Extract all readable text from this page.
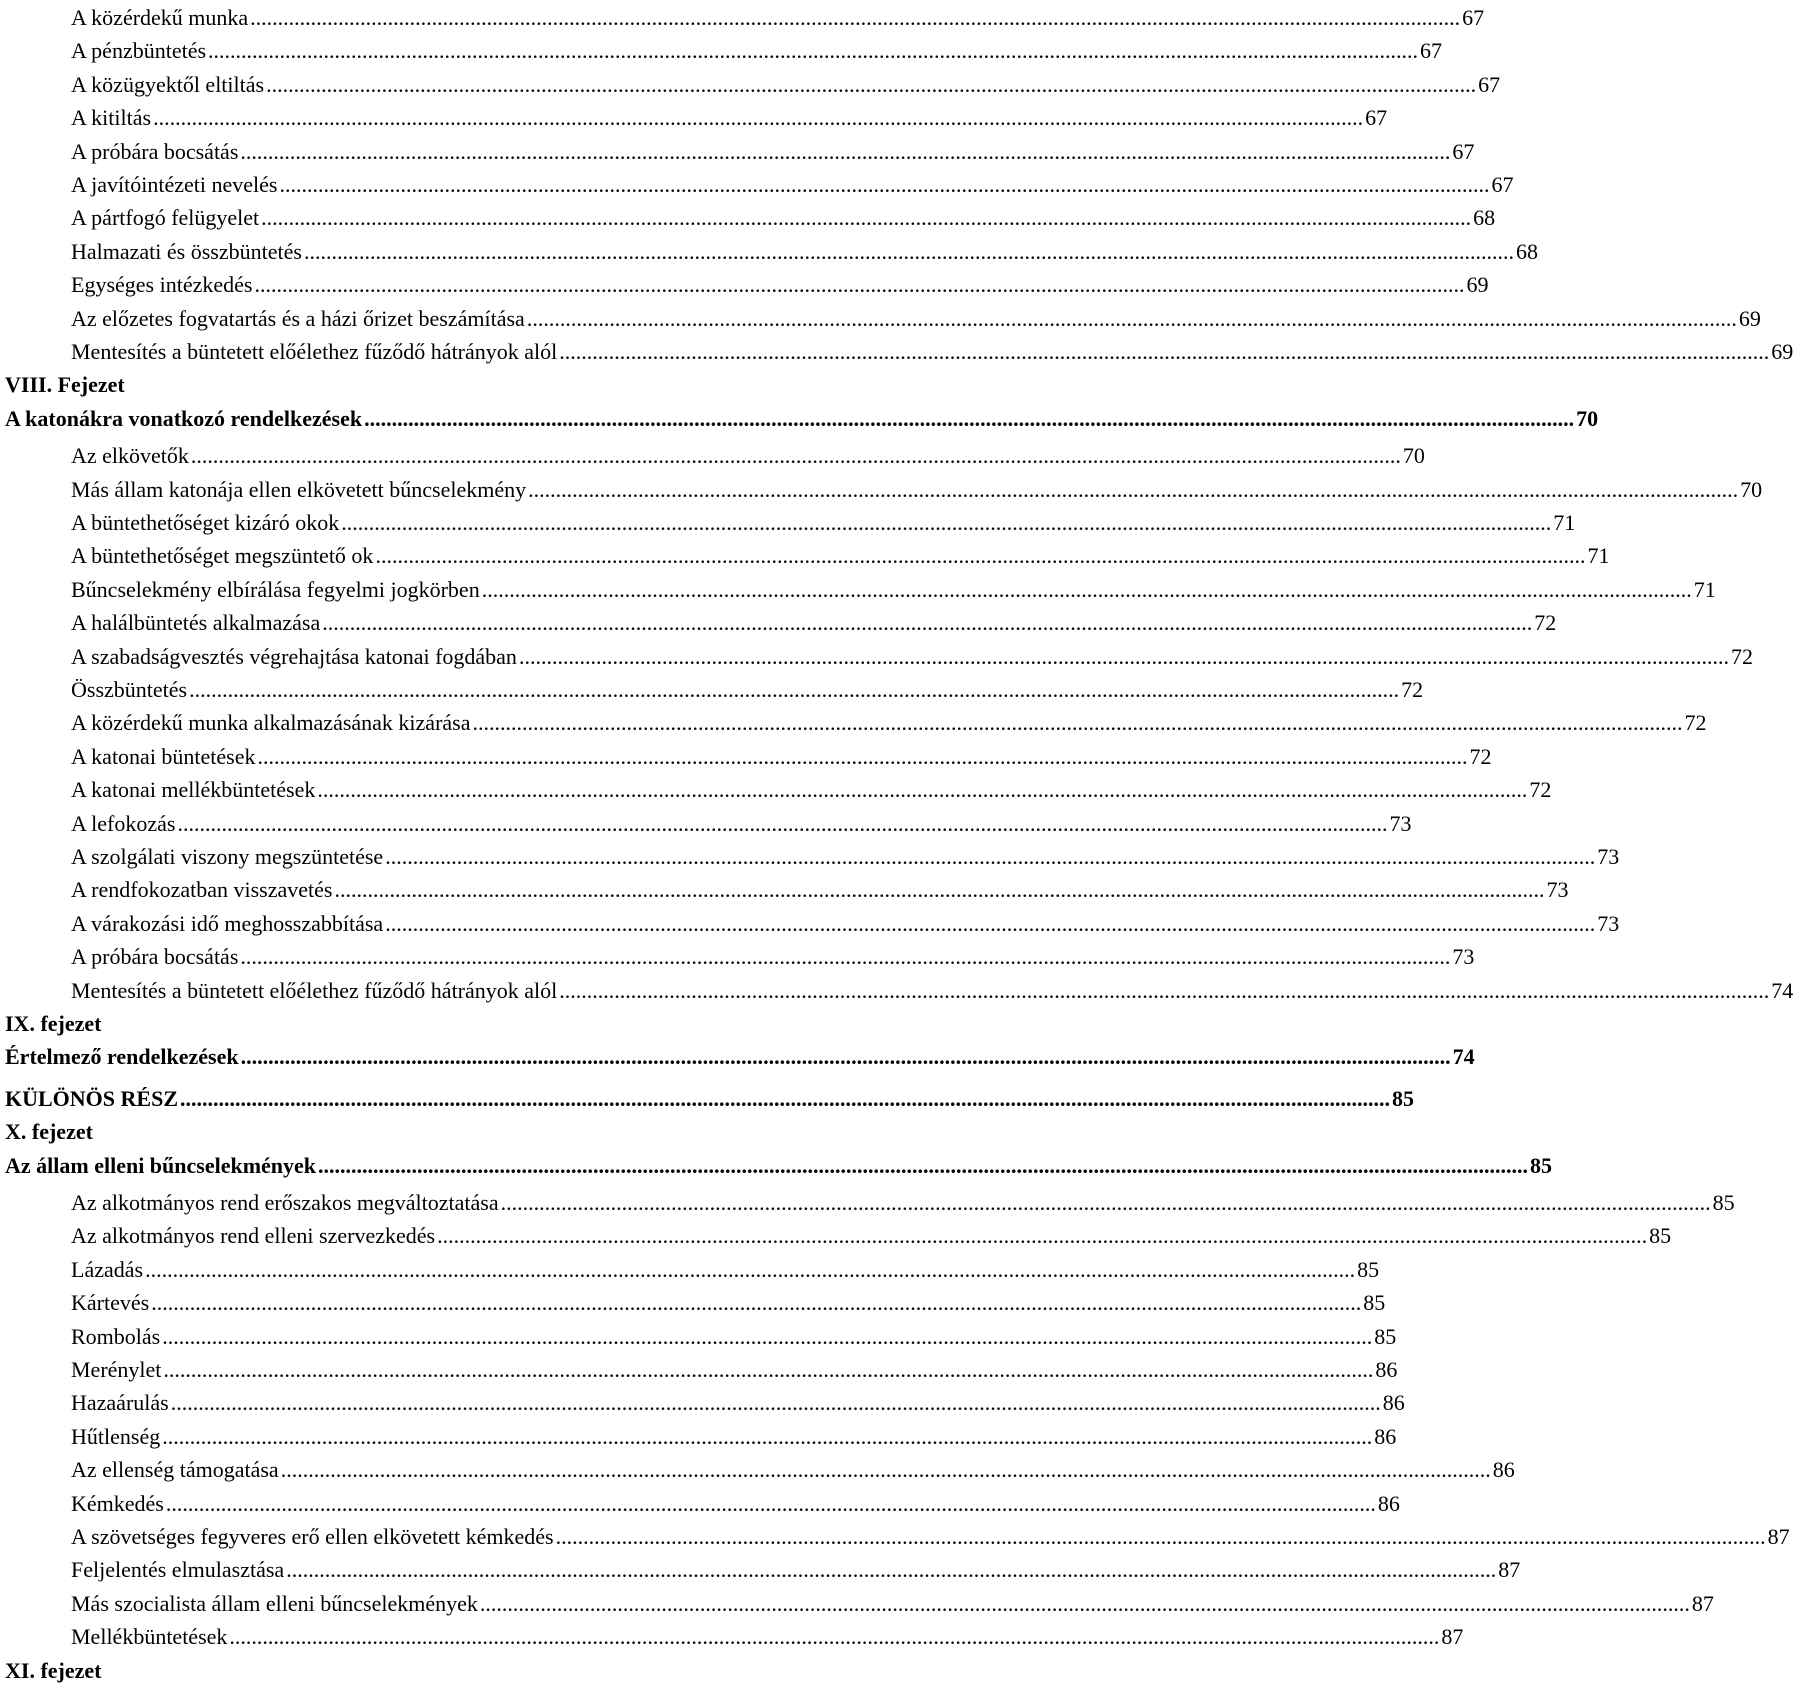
A közérdekű munka ............................................................................................................................................................................................................................ 67
A pénzbüntetés ............................................................................................................................................................................................................................ 67
A közügyektől eltiltás ............................................................................................................................................................................................................................ 67
A kitiltás ............................................................................................................................................................................................................................ 67
A próbára bocsátás ............................................................................................................................................................................................................................ 67
A javítóintézeti nevelés ............................................................................................................................................................................................................................ 67
A pártfogó felügyelet ............................................................................................................................................................................................................................ 68
Halmazati és összbüntetés ............................................................................................................................................................................................................................ 68
Egységes intézkedés ............................................................................................................................................................................................................................ 69
Az előzetes fogvatartás és a házi őrizet beszámítása ............................................................................................................................................................................................................................ 69
Mentesítés a büntetett előélethez fűződő hátrányok alól ............................................................................................................................................................................................................................ 69
VIII. Fejezet
A katonákra vonatkozó rendelkezések ............................................................................................................................................................................................................................ 70
Az elkövetők ............................................................................................................................................................................................................................ 70
Más állam katonája ellen elkövetett bűncselekmény ............................................................................................................................................................................................................................ 70
A büntethetőséget kizáró okok ............................................................................................................................................................................................................................ 71
A büntethetőséget megszüntető ok ............................................................................................................................................................................................................................ 71
Bűncselekmény elbírálása fegyelmi jogkörben ............................................................................................................................................................................................................................ 71
A halálbüntetés alkalmazása ............................................................................................................................................................................................................................ 72
A szabadságvesztés végrehajtása katonai fogdában ............................................................................................................................................................................................................................ 72
Összbüntetés ............................................................................................................................................................................................................................ 72
A közérdekű munka alkalmazásának kizárása ............................................................................................................................................................................................................................ 72
A katonai büntetések ............................................................................................................................................................................................................................ 72
A katonai mellékbüntetések ............................................................................................................................................................................................................................ 72
A lefokozás ............................................................................................................................................................................................................................ 73
A szolgálati viszony megszüntetése ............................................................................................................................................................................................................................ 73
A rendfokozatban visszavetés ............................................................................................................................................................................................................................ 73
A várakozási idő meghosszabbítása ............................................................................................................................................................................................................................ 73
A próbára bocsátás ............................................................................................................................................................................................................................ 73
Mentesítés a büntetett előélethez fűződő hátrányok alól ............................................................................................................................................................................................................................ 74
IX. fejezet
Értelmező rendelkezések ............................................................................................................................................................................................................................ 74
KÜLÖNÖS RÉSZ ............................................................................................................................................................................................................................ 85
X. fejezet
Az állam elleni bűncselekmények ............................................................................................................................................................................................................................ 85
Az alkotmányos rend erőszakos megváltoztatása ............................................................................................................................................................................................................................ 85
Az alkotmányos rend elleni szervezkedés ............................................................................................................................................................................................................................ 85
Lázadás ............................................................................................................................................................................................................................ 85
Kártevés ............................................................................................................................................................................................................................ 85
Rombolás ............................................................................................................................................................................................................................ 85
Merénylet ............................................................................................................................................................................................................................ 86
Hazaárulás ............................................................................................................................................................................................................................ 86
Hűtlenség ............................................................................................................................................................................................................................ 86
Az ellenség támogatása ............................................................................................................................................................................................................................ 86
Kémkedés ............................................................................................................................................................................................................................ 86
A szövetséges fegyveres erő ellen elkövetett kémkedés ............................................................................................................................................................................................................................ 87
Feljelentés elmulasztása ............................................................................................................................................................................................................................ 87
Más szocialista állam elleni bűncselekmények ............................................................................................................................................................................................................................ 87
Mellékbüntetések ............................................................................................................................................................................................................................ 87
XI. fejezet
